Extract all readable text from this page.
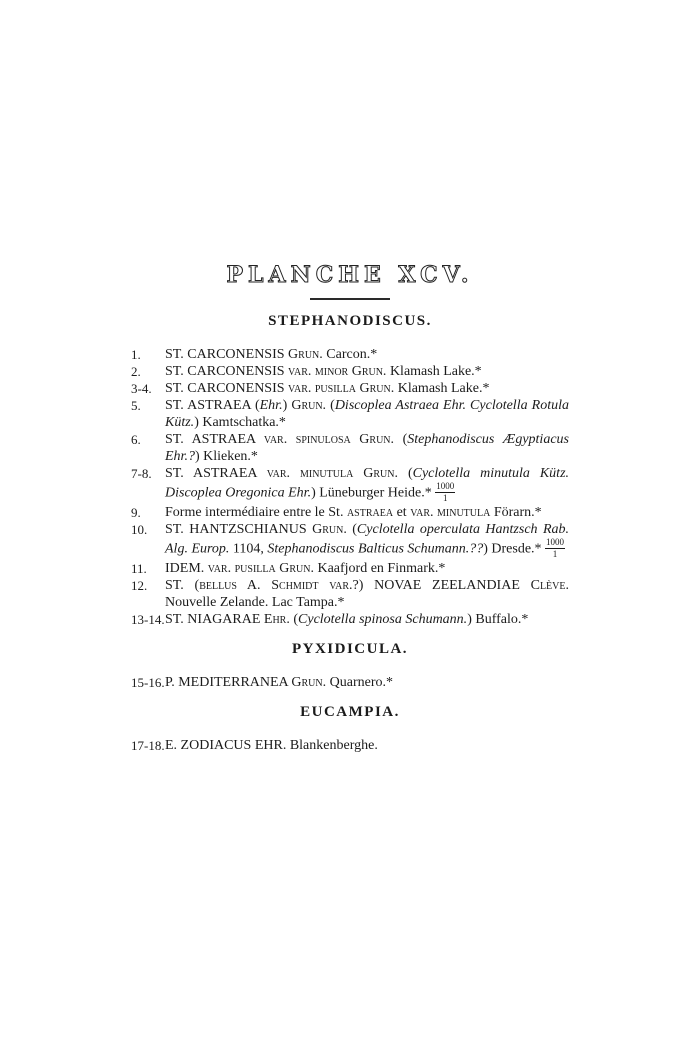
PLANCHE XCV.
STEPHANODISCUS.
1. ST. CARCONENSIS Grun. Carcon.*
2. ST. CARCONENSIS var. minor Grun. Klamash Lake.*
3-4. ST. CARCONENSIS var. pusilla Grun. Klamash Lake.*
5. ST. ASTRAEA (Ehr.) Grun. (Discoplea Astraea Ehr. Cyclotella Rotula Kütz.) Kamtschatka.*
6. ST. ASTRAEA var. spinulosa Grun. (Stephanodiscus Ægyptiacus Ehr.?) Klieken.*
7-8. ST. ASTRAEA var. minutula Grun. (Cyclotella minutula Kütz. Discoplea Oregonica Ehr.) Lüneburger Heide.* $\frac{1000}{1}$
9. Forme intermédiaire entre le St. astraea et var. minutula Förarn.*
10. ST. HANTZSCHIANUS Grun. (Cyclotella operculata Hantzsch Rab. Alg. Europ. 1104, Stephanodiscus Balticus Schumann.??) Dresde.* $\frac{1000}{1}$
11. IDEM. var. pusilla Grun. Kaafjord en Finmark.*
12. ST. (bellus A. Schmidt var.?) NOVAE ZEELANDIAE Clève. Nouvelle Zelande. Lac Tampa.*
13-14. ST. NIAGARAE Ehr. (Cyclotella spinosa Schumann.) Buffalo.*
PYXIDICULA.
15-16. P. MEDITERRANEA Grun. Quarnero.*
EUCAMPIA.
17-18. E. ZODIACUS EHR. Blankenberghe.
